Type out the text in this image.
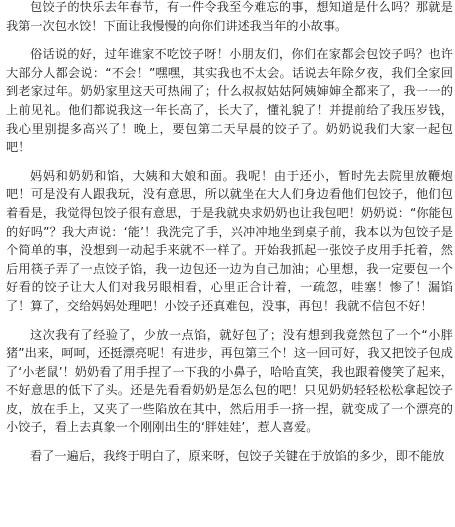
包饺子的快乐去年春节，有一件令我至今难忘的事，想知道是什么吗？那就是我第一次包水饺！下面让我慢慢的向你们讲述我当年的小故事。

俗话说的好，过年谁家不吃饺子呀！小朋友们，你们在家都会包饺子吗？也许大部分人都会说：“不会！”嘿嘿，其实我也不太会。话说去年除夕夜，我们全家回到老家过年。奶奶家里这天可热闹了；什么叔叔姑姑阿姨婶婶全都来了，我一一的上前见礼。他们都说我这一年长高了，长大了，懂礼貌了！并提前给了我压岁钱，我心里别提多高兴了！晚上，要包第二天早晨的饺子了。奶奶说我们大家一起包吧！

妈妈和奶奶和馅，大姨和大娘和面。我呢！由于还小，暂时先去院里放鞭炮吧！可是没有人跟我玩，没有意思，所以就坐在大人们身边看他们包饺子，他们包着看是，我觉得包饺子很有意思，于是我就央求奶奶也让我包吧！奶奶说：“你能包的好吗”？我大声说：‘能’！我洗完了手，兴冲冲地坐到桌子前，我本以为包饺子是个简单的事，没想到一动起手来就不一样了。开始我抓起一张饺子皮用手托着，然后用筷子弄了一点饺子馅，我一边包还一边为自己加油；心里想，我一定要包一个好看的饺子让大人们对我另眼相看，心里正合计着，一疏忽，哇塞！惨了！漏馅了！算了，交给妈妈处理吧！小饺子还真难包，没事，再包！我就不信包不好！

这次我有了经验了，少放一点馅，就好包了；没有想到我竟然包了一个“小胖猪”出来，呵呵，还挺漂亮呢！有进步，再包第三个！这一回可好，我又把饺子包成了‘小老鼠’！奶奶看了用手捏了一下我的小鼻子，哈哈直笑，我也跟着傻笑了起来，不好意思的低下了头。还是先看看奶奶是怎么包的吧！只见奶奶轻轻松松拿起饺子皮，放在手上，又夹了一些陷放在其中，然后用手一挤一捏，就变成了一个漂亮的小饺子，看上去真象一个刚刚出生的‘胖娃娃’，惹人喜爱。

看了一遍后，我终于明白了，原来呀，包饺子关键在于放馅的多少，即不能放
